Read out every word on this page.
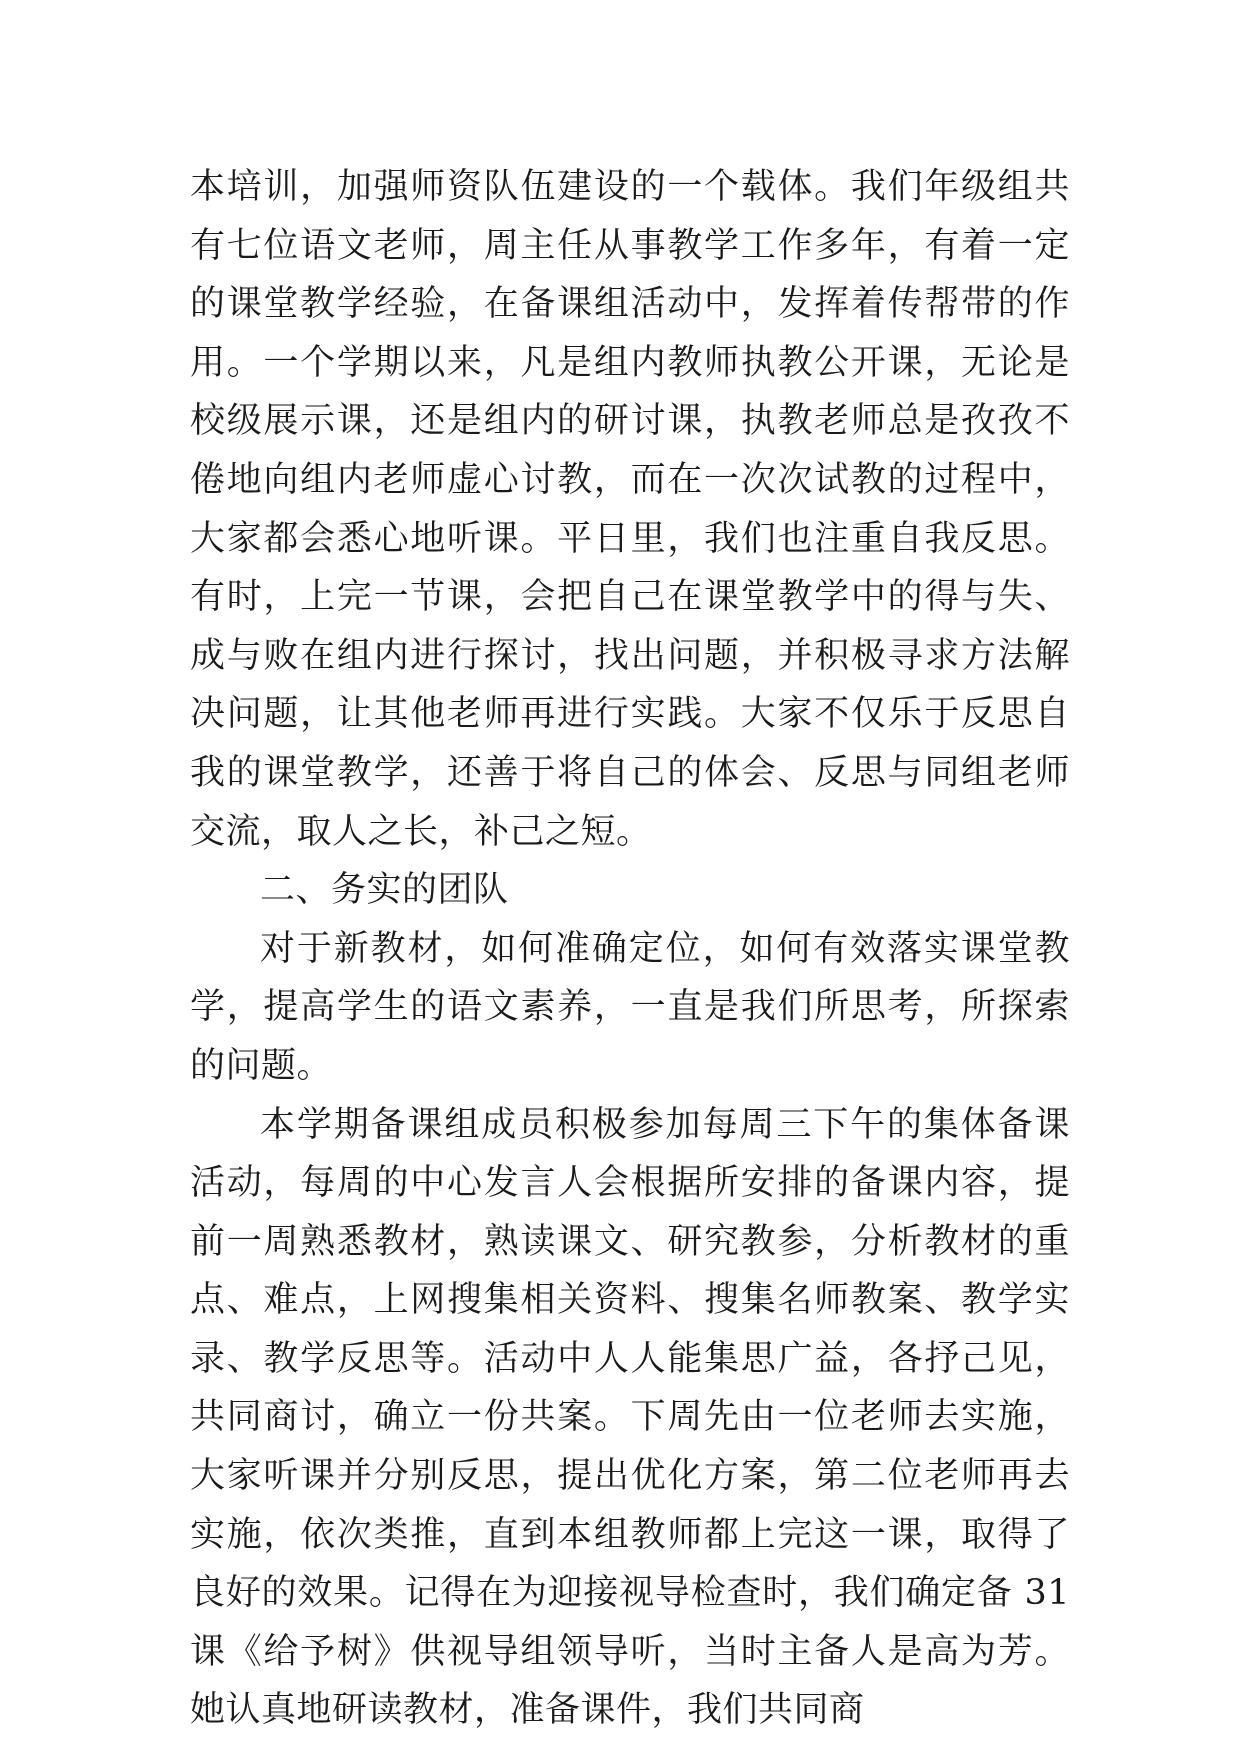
本培训，加强师资队伍建设的一个载体。我们年级组共有七位语文老师，周主任从事教学工作多年，有着一定的课堂教学经验，在备课组活动中，发挥着传帮带的作用。一个学期以来，凡是组内教师执教公开课，无论是校级展示课，还是组内的研讨课，执教老师总是孜孜不倦地向组内老师虚心讨教，而在一次次试教的过程中，大家都会悉心地听课。平日里，我们也注重自我反思。有时，上完一节课，会把自己在课堂教学中的得与失、成与败在组内进行探讨，找出问题，并积极寻求方法解决问题，让其他老师再进行实践。大家不仅乐于反思自我的课堂教学，还善于将自己的体会、反思与同组老师交流，取人之长，补己之短。

二、务实的团队

对于新教材，如何准确定位，如何有效落实课堂教学，提高学生的语文素养，一直是我们所思考，所探索的问题。

本学期备课组成员积极参加每周三下午的集体备课活动，每周的中心发言人会根据所安排的备课内容，提前一周熟悉教材，熟读课文、研究教参，分析教材的重点、难点，上网搜集相关资料、搜集名师教案、教学实录、教学反思等。活动中人人能集思广益，各抒己见，共同商讨，确立一份共案。下周先由一位老师去实施，大家听课并分别反思，提出优化方案，第二位老师再去实施，依次类推，直到本组教师都上完这一课，取得了良好的效果。记得在为迎接视导检查时，我们确定备 31 课《给予树》供视导组领导听，当时主备人是高为芳。她认真地研读教材，准备课件，我们共同商
